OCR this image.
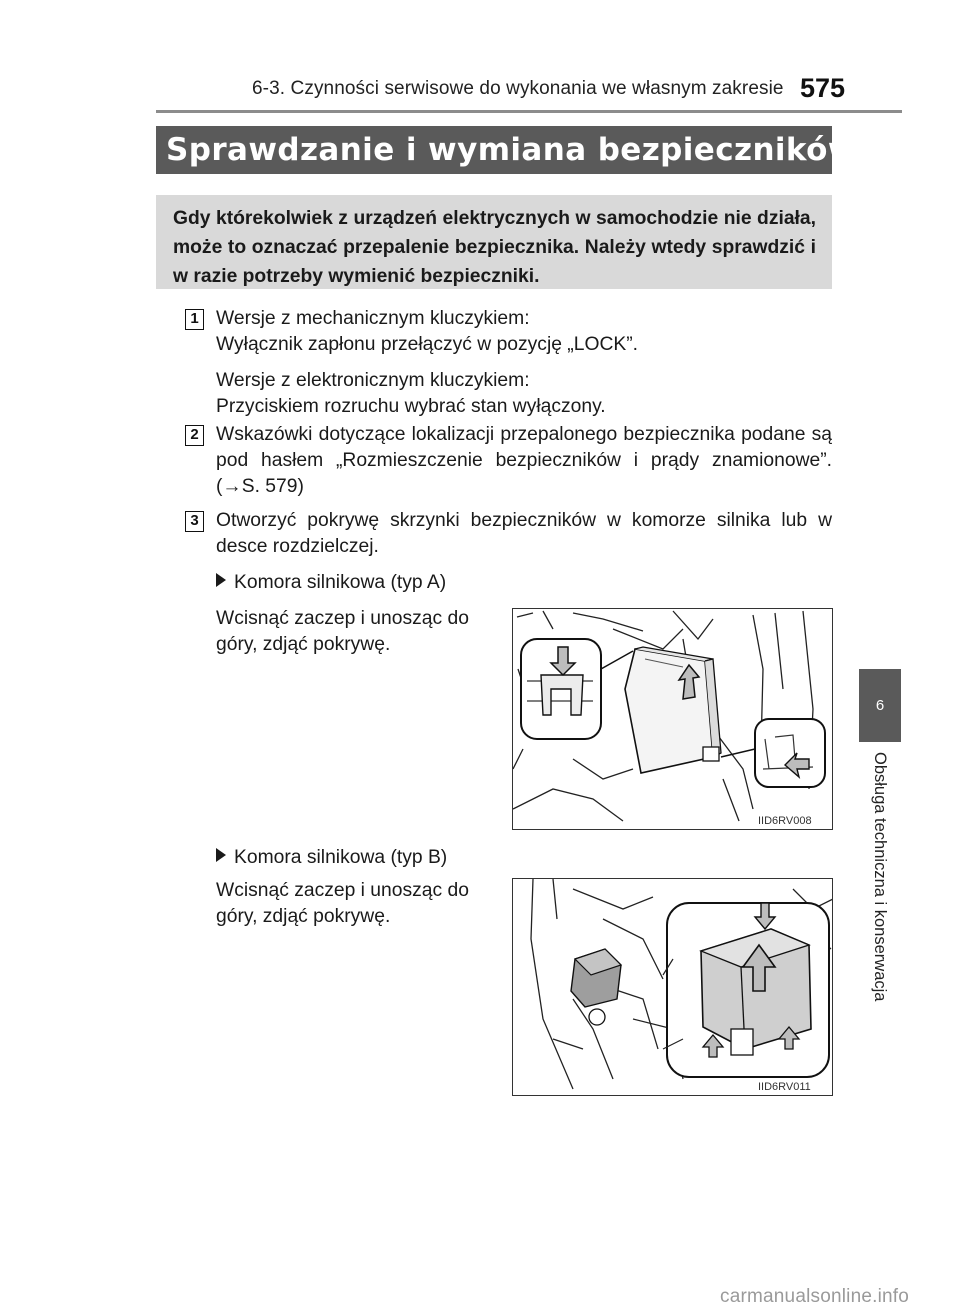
6-3. Czynności serwisowe do wykonania we własnym zakresie 575
Sprawdzanie i wymiana bezpieczników

Gdy którekolwiek z urządzeń elektrycznych w samochodzie nie działa, może to oznaczać przepalenie bezpiecznika. Należy wtedy sprawdzić i w razie potrzeby wymienić bezpieczniki.

1 Wersje z mechanicznym kluczykiem:

Wyłącznik zapłonu przełączyć w pozycję „LOCK”.

Wersje z elektronicznym kluczykiem:

Przyciskiem rozruchu wybrać stan wyłączony.

2 Wskazówki dotyczące lokalizacji przepalonego bezpiecznika podane są pod hasłem „Rozmieszczenie bezpieczników i prądy znamionowe”. (→S. 579)

3 Otworzyć pokrywę skrzynki bezpieczników w komorze silnika lub w desce rozdzielczej.

Komora silnikowa (typ A)

Wcisnąć zaczep i unosząc do góry, zdjąć pokrywę.

IID6RV008
Komora silnikowa (typ B)

Wcisnąć zaczep i unosząc do góry, zdjąć pokrywę.

IID6RV011
6
Obsługa techniczna i konserwacja
carmanualsonline.info
